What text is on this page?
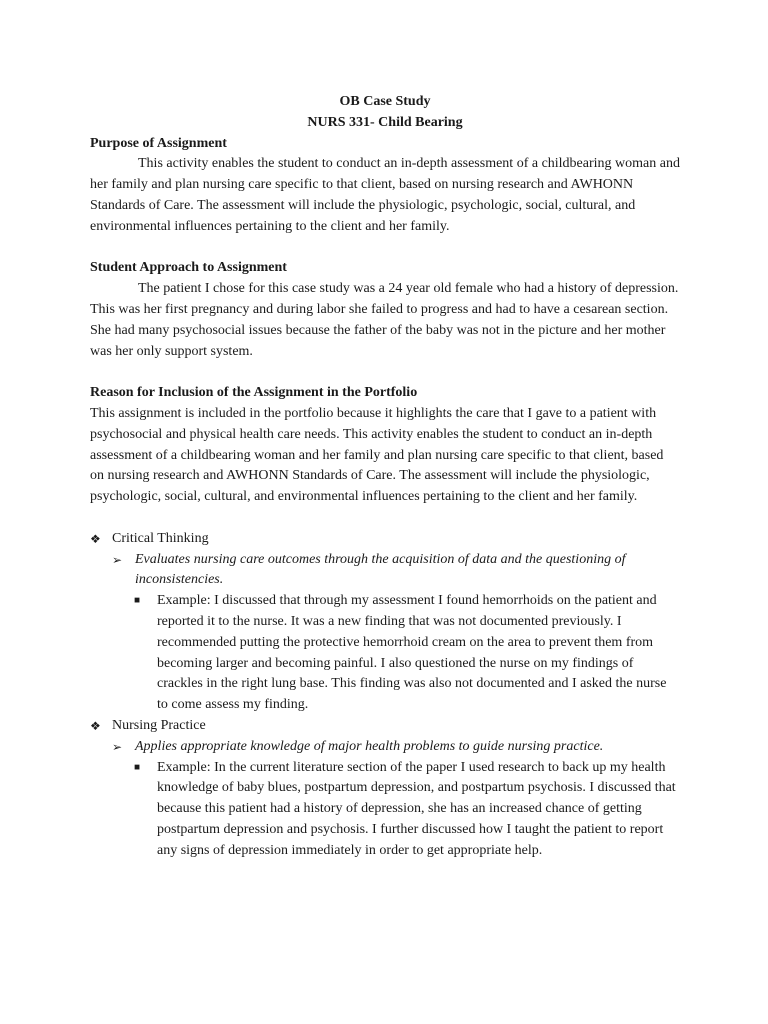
OB Case Study

NURS 331- Child Bearing

Purpose of Assignment

This activity enables the student to conduct an in-depth assessment of a childbearing woman and her family and plan nursing care specific to that client, based on nursing research and AWHONN Standards of Care. The assessment will include the physiologic, psychologic, social, cultural, and environmental influences pertaining to the client and her family.

Student Approach to Assignment

The patient I chose for this case study was a 24 year old female who had a history of depression. This was her first pregnancy and during labor she failed to progress and had to have a cesarean section. She had many psychosocial issues because the father of the baby was not in the picture and her mother was her only support system.

Reason for Inclusion of the Assignment in the Portfolio

This assignment is included in the portfolio because it highlights the care that I gave to a patient with psychosocial and physical health care needs. This activity enables the student to conduct an in-depth assessment of a childbearing woman and her family and plan nursing care specific to that client, based on nursing research and AWHONN Standards of Care. The assessment will include the physiologic, psychologic, social, cultural, and environmental influences pertaining to the client and her family.

❖ Critical Thinking
➢ Evaluates nursing care outcomes through the acquisition of data and the questioning of inconsistencies.
■ Example: I discussed that through my assessment I found hemorrhoids on the patient and reported it to the nurse. It was a new finding that was not documented previously. I recommended putting the protective hemorrhoid cream on the area to prevent them from becoming larger and becoming painful. I also questioned the nurse on my findings of crackles in the right lung base. This finding was also not documented and I asked the nurse to come assess my finding.
❖ Nursing Practice
➢ Applies appropriate knowledge of major health problems to guide nursing practice.
■ Example: In the current literature section of the paper I used research to back up my health knowledge of baby blues, postpartum depression, and postpartum psychosis. I discussed that because this patient had a history of depression, she has an increased chance of getting postpartum depression and psychosis. I further discussed how I taught the patient to report any signs of depression immediately in order to get appropriate help.
